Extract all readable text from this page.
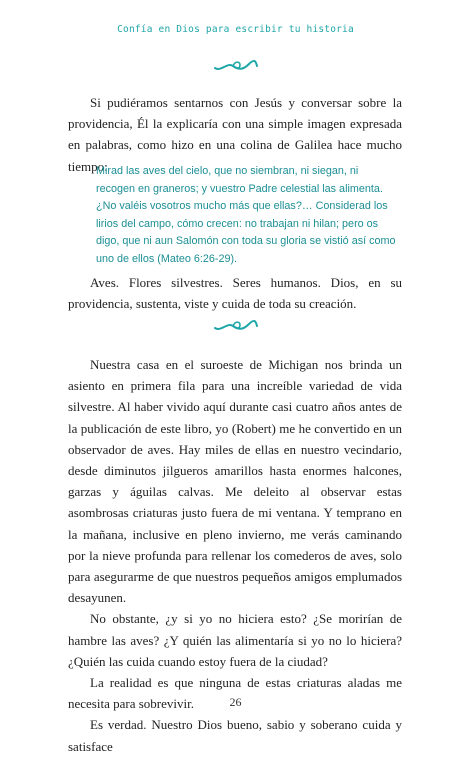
Confía en Dios para escribir tu historia

Si pudiéramos sentarnos con Jesús y conversar sobre la providencia, Él la explicaría con una simple imagen expresada en palabras, como hizo en una colina de Galilea hace mucho tiempo:

Mirad las aves del cielo, que no siembran, ni siegan, ni recogen en graneros; y vuestro Padre celestial las alimenta. ¿No valéis vosotros mucho más que ellas?… Considerad los lirios del campo, cómo crecen: no trabajan ni hilan; pero os digo, que ni aun Salomón con toda su gloria se vistió así como uno de ellos (Mateo 6:26-29).

Aves. Flores silvestres. Seres humanos. Dios, en su providencia, sustenta, viste y cuida de toda su creación.

Nuestra casa en el suroeste de Michigan nos brinda un asiento en primera fila para una increíble variedad de vida silvestre. Al haber vivido aquí durante casi cuatro años antes de la publicación de este libro, yo (Robert) me he convertido en un observador de aves. Hay miles de ellas en nuestro vecindario, desde diminutos jilgueros amarillos hasta enormes halcones, garzas y águilas calvas. Me deleito al observar estas asombrosas criaturas justo fuera de mi ventana. Y temprano en la mañana, inclusive en pleno invierno, me verás caminando por la nieve profunda para rellenar los comederos de aves, solo para asegurarme de que nuestros pequeños amigos emplumados desayunen.

No obstante, ¿y si yo no hiciera esto? ¿Se morirían de hambre las aves? ¿Y quién las alimentaría si yo no lo hiciera? ¿Quién las cuida cuando estoy fuera de la ciudad?

La realidad es que ninguna de estas criaturas aladas me necesita para sobrevivir.

Es verdad. Nuestro Dios bueno, sabio y soberano cuida y satisface

26
